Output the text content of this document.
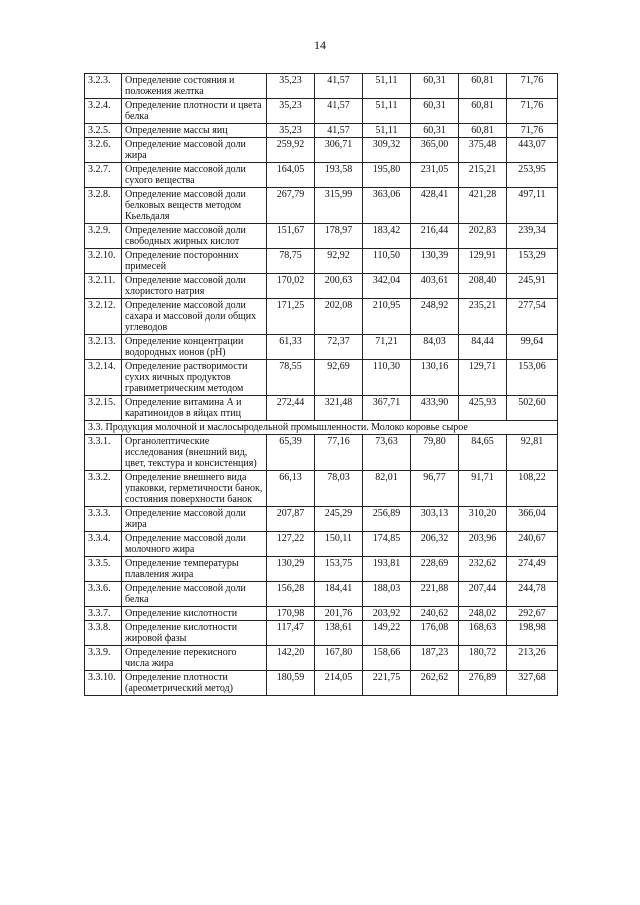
14
3.2.3.	Определение состояния и положения желтка	35,23	41,57	51,11	60,31	60,81	71,76
3.2.4.	Определение плотности и цвета белка	35,23	41,57	51,11	60,31	60,81	71,76
3.2.5.	Определение массы яиц	35,23	41,57	51,11	60,31	60,81	71,76
3.2.6.	Определение массовой доли жира	259,92	306,71	309,32	365,00	375,48	443,07
3.2.7.	Определение массовой доли сухого вещества	164,05	193,58	195,80	231,05	215,21	253,95
3.2.8.	Определение массовой доли белковых веществ методом Кьельдаля	267,79	315,99	363,06	428,41	421,28	497,11
3.2.9.	Определение массовой доли свободных жирных кислот	151,67	178,97	183,42	216,44	202,83	239,34
3.2.10.	Определение посторонних примесей	78,75	92,92	110,50	130,39	129,91	153,29
3.2.11.	Определение массовой доли хлористого натрия	170,02	200,63	342,04	403,61	208,40	245,91
3.2.12.	Определение массовой доли сахара и массовой доли общих углеводов	171,25	202,08	210,95	248,92	235,21	277,54
3.2.13.	Определение концентрации водородных ионов (pH)	61,33	72,37	71,21	84,03	84,44	99,64
3.2.14.	Определение растворимости сухих яичных продуктов гравиметрическим методом	78,55	92,69	110,30	130,16	129,71	153,06
3.2.15.	Определение витамина А и каратиноидов в яйцах птиц	272,44	321,48	367,71	433,90	425,93	502,60
3.3. Продукция молочной и маслосыродельной промышленности. Молоко коровье сырое							
3.3.1.	Органолептические исследования (внешний вид, цвет, текстура и консистенция)	65,39	77,16	73,63	79,80	84,65	92,81
3.3.2.	Определение внешнего вида упаковки, герметичности банок, состояния поверхности банок	66,13	78,03	82,01	96,77	91,71	108,22
3.3.3.	Определение массовой доли жира	207,87	245,29	256,89	303,13	310,20	366,04
3.3.4.	Определение массовой доли молочного жира	127,22	150,11	174,85	206,32	203,96	240,67
3.3.5.	Определение температуры плавления жира	130,29	153,75	193,81	228,69	232,62	274,49
3.3.6.	Определение массовой доли белка	156,28	184,41	188,03	221,88	207,44	244,78
3.3.7.	Определение кислотности	170,98	201,76	203,92	240,62	248,02	292,67
3.3.8.	Определение кислотности жировой фазы	117,47	138,61	149,22	176,08	168,63	198,98
3.3.9.	Определение перекисного числа жира	142,20	167,80	158,66	187,23	180,72	213,26
3.3.10.	Определение плотности (ареометрический метод)	180,59	214,05	221,75	262,62	276,89	327,68
